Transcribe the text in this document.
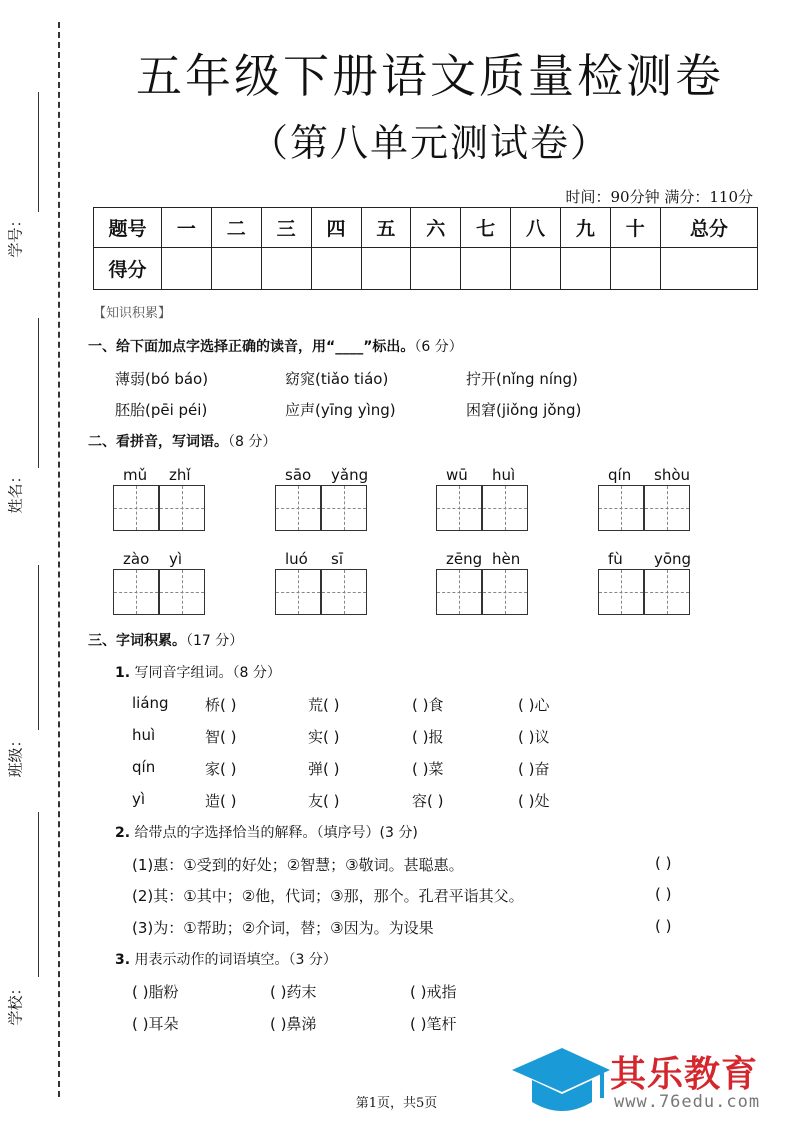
学号：
姓名：
班级：
学校：
五年级下册语文质量检测卷
（第八单元测试卷）
时间：90分钟 满分：110分
题号	一	二	三	四	五	六	七	八	九	十	总分
得分											
【知识积累】
一、给下面加点字选择正确的读音，用“____”标出。（6 分）
薄弱(bó báo)	窈窕(tiǎo tiáo)	拧开(nǐng níng)
胚胎(pēi péi)	应声(yīng yìng)	困窘(jiǒng jǒng)
二、看拼音，写词语。（8 分）
mǔ zhǐ	sāo yǎng	wū huì	qín shòu
zào yì	luó sī	zēng hèn	fù yōng
三、字词积累。（17 分）
1. 写同音字组词。（8 分）
liáng 桥( )	荒( )	( )食	( )心
huì	智( )	实( )	( )报	( )议
qín	家( )	弹( )	( )菜	( )奋
yì	造( )	友( )	容( )	( )处
2. 给带点的字选择恰当的解释。（填序号）(3 分)
(1)惠：①受到的好处；②智慧；③敬词。甚聪惠。	( )
(2)其：①其中；②他，代词；③那，那个。孔君平诣其父。	( )
(3)为：①帮助；②介词，替；③因为。为设果	( )
3. 用表示动作的词语填空。（3 分）
( )脂粉	( )药末	( )戒指
( )耳朵	( )鼻涕	( )笔杆
第1页，共5页
其乐教育
www.76edu.com
